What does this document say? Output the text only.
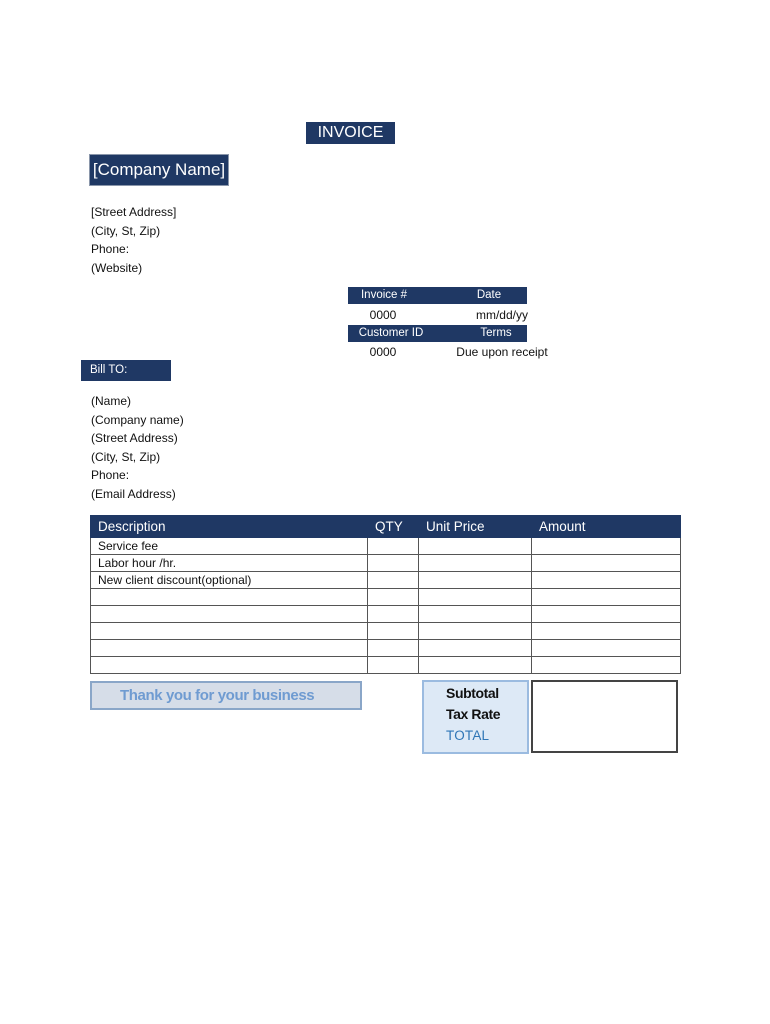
INVOICE
[Company Name]
[Street Address]
(City, St, Zip)
Phone:
(Website)
Invoice #	Date
0000	mm/dd/yy
Customer ID	Terms
0000	Due upon receipt
Bill TO:
(Name)
(Company name)
(Street Address)
(City, St, Zip)
Phone:
(Email Address)
Description	QTY	Unit Price	Amount
Service fee			
Labor hour /hr.			
New client discount(optional)			

Thank you for your business	Subtotal
Tax Rate
TOTAL
